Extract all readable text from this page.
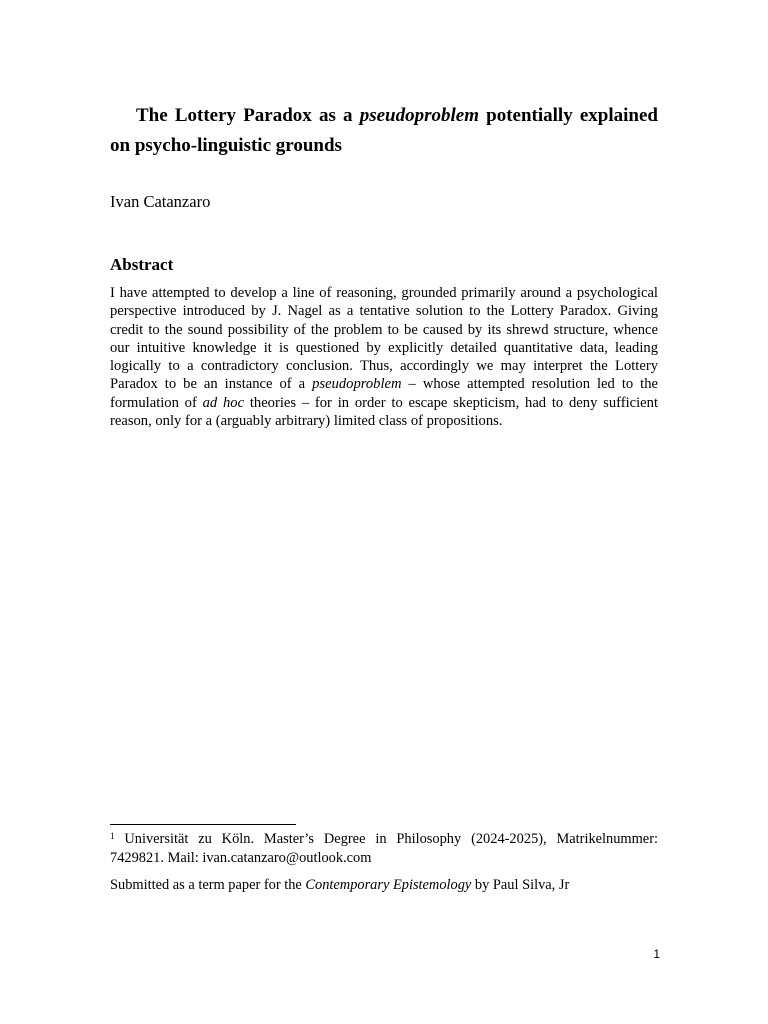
The Lottery Paradox as a pseudoproblem potentially explained on psycho-linguistic grounds

Ivan Catanzaro

Abstract

I have attempted to develop a line of reasoning, grounded primarily around a psychological perspective introduced by J. Nagel as a tentative solution to the Lottery Paradox. Giving credit to the sound possibility of the problem to be caused by its shrewd structure, whence our intuitive knowledge it is questioned by explicitly detailed quantitative data, leading logically to a contradictory conclusion. Thus, accordingly we may interpret the Lottery Paradox to be an instance of a pseudoproblem – whose attempted resolution led to the formulation of ad hoc theories – for in order to escape skepticism, had to deny sufficient reason, only for a (arguably arbitrary) limited class of propositions.

$^1$ Universität zu Köln. Master’s Degree in Philosophy (2024-2025), Matrikelnummer: 7429821. Mail: ivan.catanzaro@outlook.com

Submitted as a term paper for the Contemporary Epistemology by Paul Silva, Jr

1
